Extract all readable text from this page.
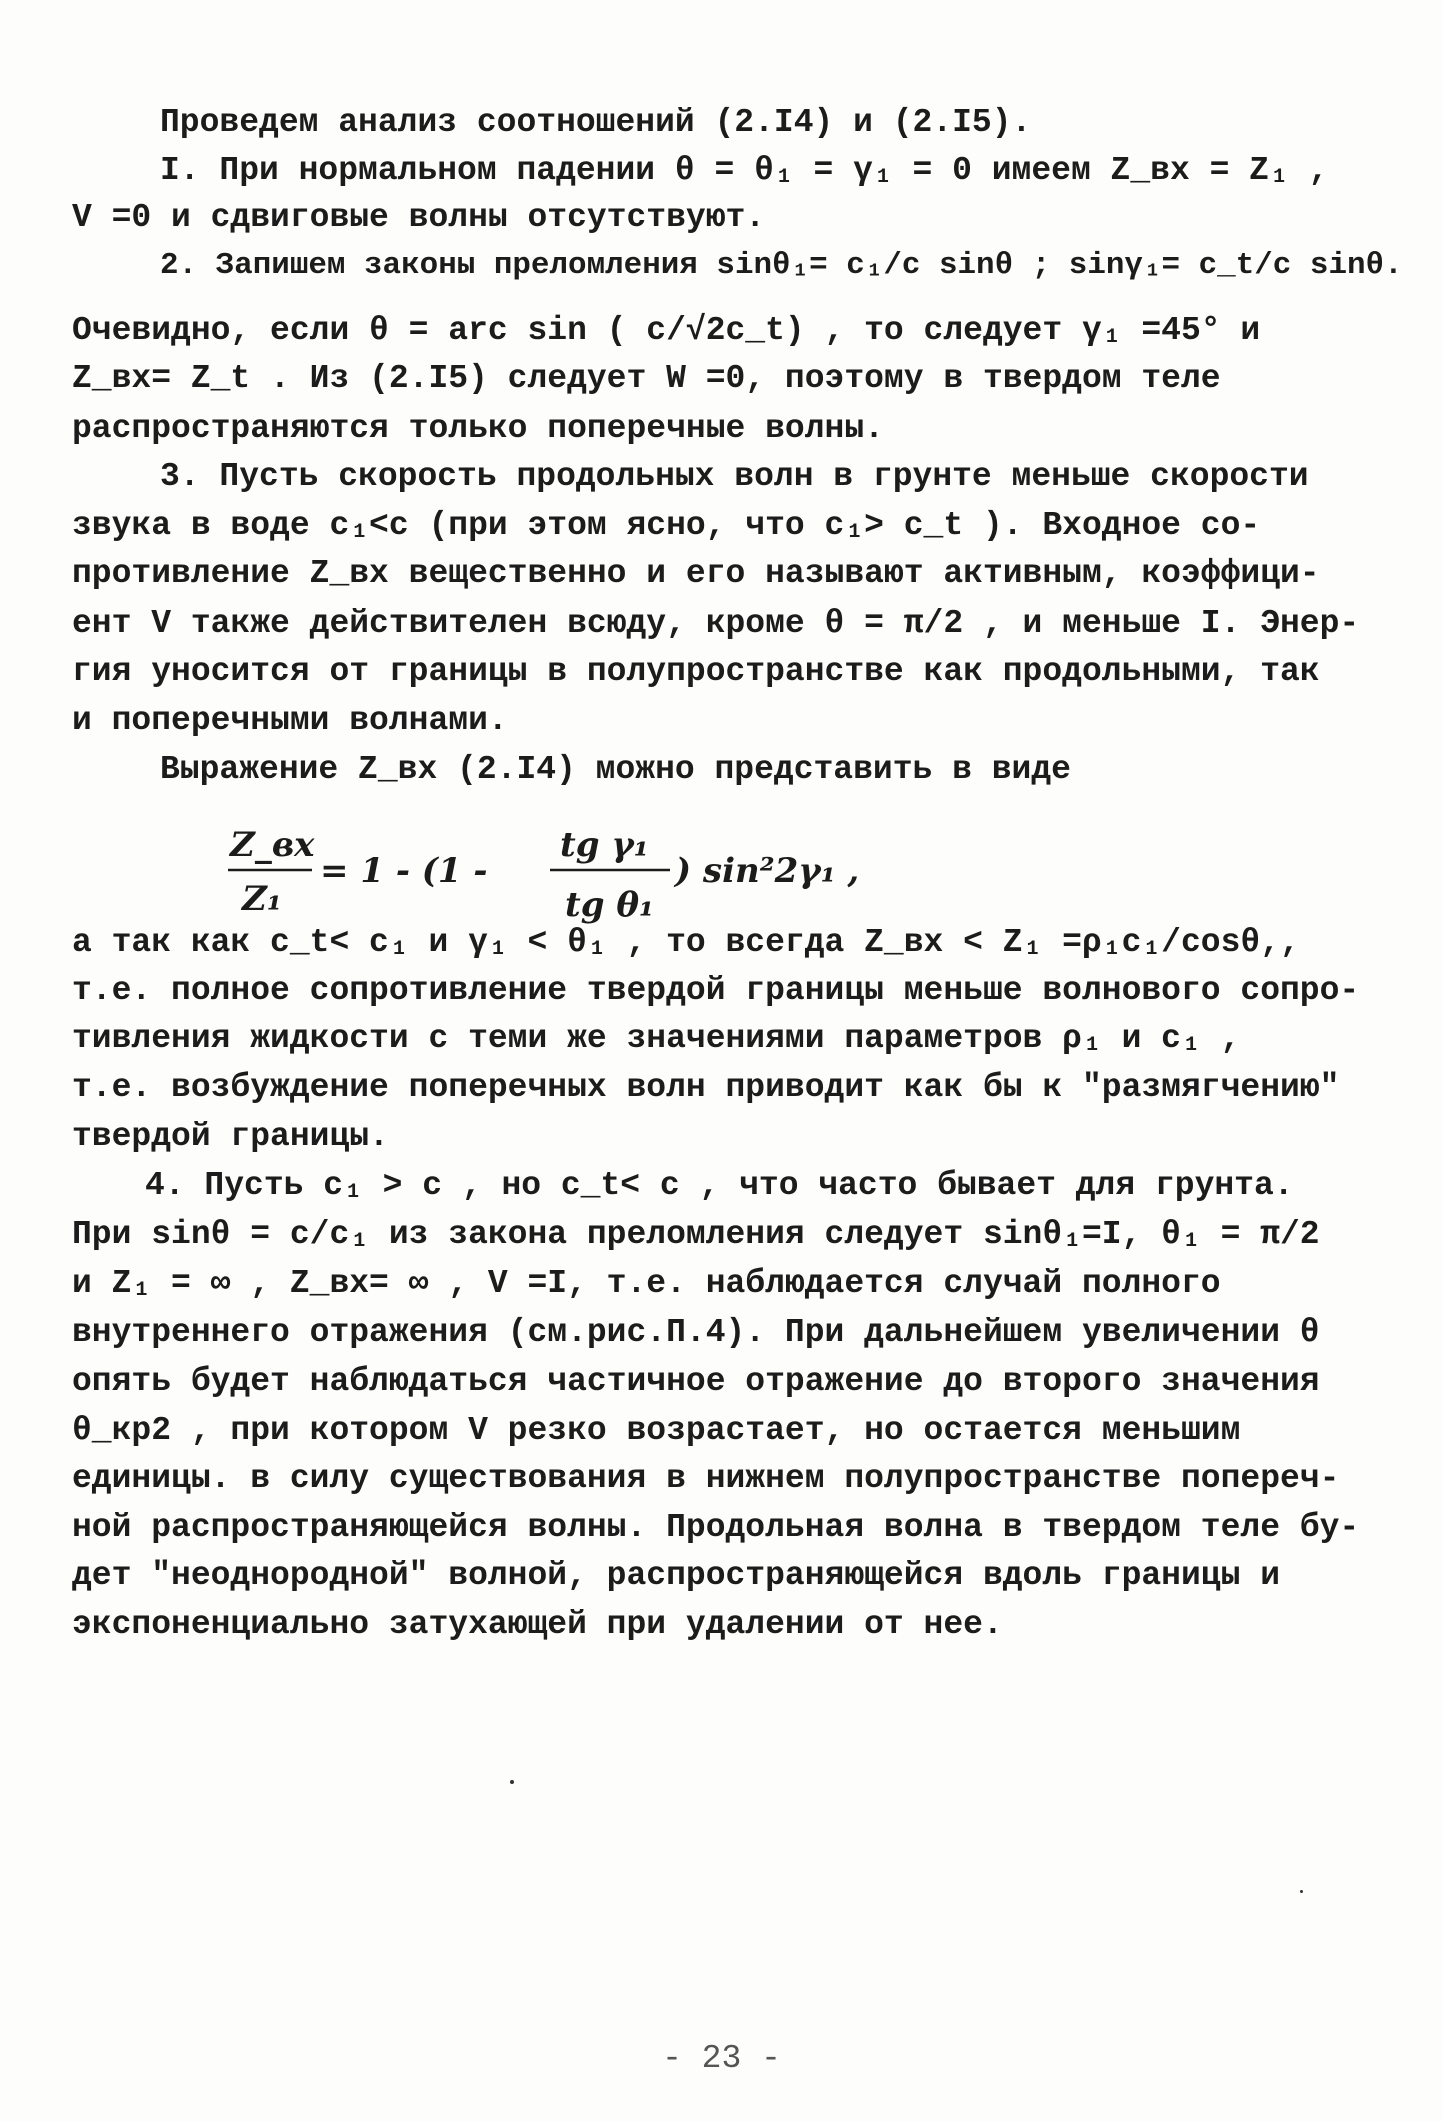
Проведем анализ соотношений (2.I4) и (2.I5).
I. При нормальном падении θ = θ₁ = γ₁ = 0 имеем Z_вх = Z₁ ,
V =0 и сдвиговые волны отсутствуют.
2. Запишем законы преломления sinθ₁= c₁/c sinθ ; sinγ₁= c_t/c sinθ.
Очевидно, если θ = arc sin ( c/√2c_t) , то следует γ₁ =45° и
Z_вх= Z_t . Из (2.I5) следует W =0, поэтому в твердом теле
распространяются только поперечные волны.
3. Пусть скорость продольных волн в грунте меньше скорости
звука в воде c₁<c (при этом ясно, что c₁> c_t ). Входное со-
противление Z_вх вещественно и его называют активным, коэффици-
ент V также действителен всюду, кроме θ = π/2 , и меньше I. Энер-
гия уносится от границы в полупространстве как продольными, так
и поперечными волнами.
Выражение Z_вх (2.I4) можно представить в виде
Z_вх
Z₁
= 1 - (1 -
tg γ₁
tg θ₁
) sin²2γ₁ ,
а так как c_t< c₁ и γ₁ < θ₁ , то всегда Z_вх < Z₁ =ρ₁c₁/cosθ,,
т.е. полное сопротивление твердой границы меньше волнового сопро-
тивления жидкости с теми же значениями параметров ρ₁ и c₁ ,
т.е. возбуждение поперечных волн приводит как бы к "размягчению"
твердой границы.
4. Пусть c₁ > c , но c_t< c , что часто бывает для грунта.
При sinθ = c/c₁ из закона преломления следует sinθ₁=I, θ₁ = π/2
и Z₁ = ∞ , Z_вх= ∞ , V =I, т.е. наблюдается случай полного
внутреннего отражения (см.рис.П.4). При дальнейшем увеличении θ
опять будет наблюдаться частичное отражение до второго значения
θ_кр2 , при котором V резко возрастает, но остается меньшим
единицы. в силу существования в нижнем полупространстве попереч-
ной распространяющейся волны. Продольная волна в твердом теле бу-
дет "неоднородной" волной, распространяющейся вдоль границы и
экспоненциально затухающей при удалении от нее.
- 23 -
